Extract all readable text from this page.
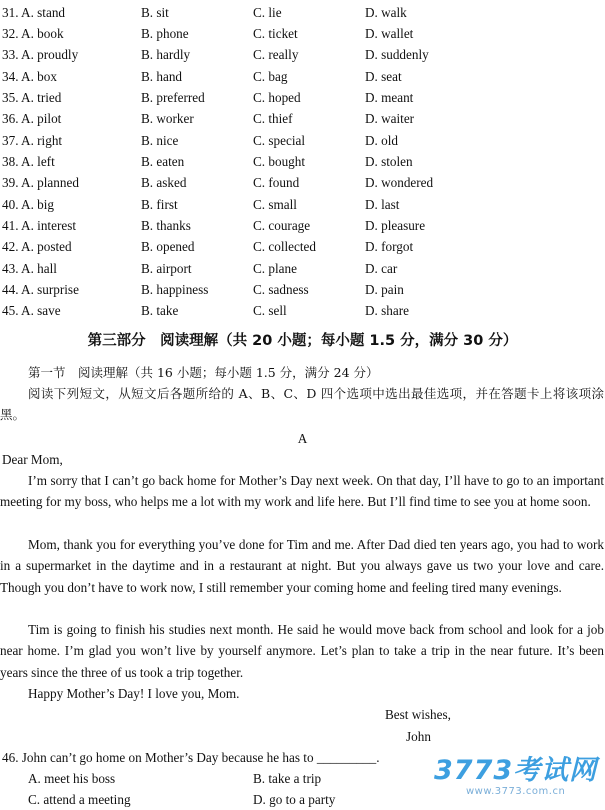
31. A. stand	B. sit	C. lie	D. walk
32. A. book	B. phone	C. ticket	D. wallet
33. A. proudly	B. hardly	C. really	D. suddenly
34. A. box	B. hand	C. bag	D. seat
35. A. tried	B. preferred	C. hoped	D. meant
36. A. pilot	B. worker	C. thief	D. waiter
37. A. right	B. nice	C. special	D. old
38. A. left	B. eaten	C. bought	D. stolen
39. A. planned	B. asked	C. found	D. wondered
40. A. big	B. first	C. small	D. last
41. A. interest	B. thanks	C. courage	D. pleasure
42. A. posted	B. opened	C. collected	D. forgot
43. A. hall	B. airport	C. plane	D. car
44. A. surprise	B. happiness	C. sadness	D. pain
45. A. save	B. take	C. sell	D. share
第三部分　阅读理解（共 20 小题；每小题 1.5 分，满分 30 分）
第一节　阅读理解（共 16 小题；每小题 1.5 分，满分 24 分）
阅读下列短文，从短文后各题所给的 A、B、C、D 四个选项中选出最佳选项，并在答题卡上将该项涂黑。
A
Dear Mom,
I’m sorry that I can’t go back home for Mother’s Day next week. On that day, I’ll have to go to an important meeting for my boss, who helps me a lot with my work and life here. But I’ll find time to see you at home soon.
Mom, thank you for everything you’ve done for Tim and me. After Dad died ten years ago, you had to work in a supermarket in the daytime and in a restaurant at night. But you always gave us two your love and care. Though you don’t have to work now, I still remember your coming home and feeling tired many evenings.
Tim is going to finish his studies next month. He said he would move back from school and look for a job near home. I’m glad you won’t live by yourself anymore. Let’s plan to take a trip in the near future. It’s been years since the three of us took a trip together.
Happy Mother’s Day! I love you, Mom.
Best wishes,
John
46. John can’t go home on Mother’s Day because he has to _________.
A. meet his boss	B. take a trip
C. attend a meeting	D. go to a party
3773考试网
www.3773.com.cn
